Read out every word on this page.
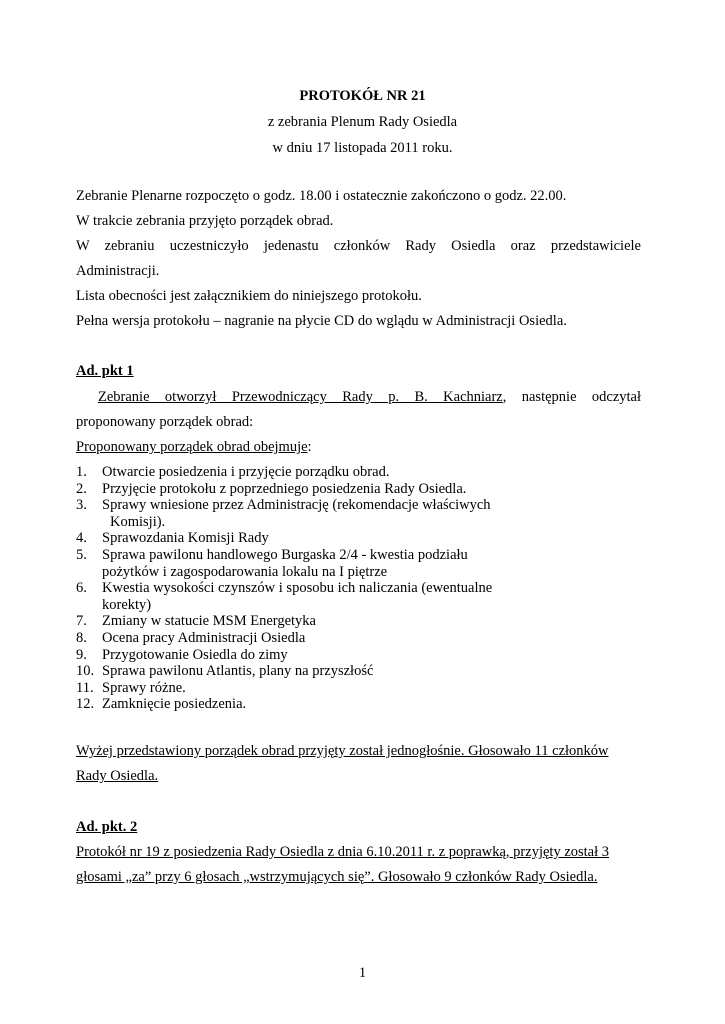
PROTOKÓŁ NR 21
z zebrania Plenum Rady Osiedla
w dniu 17 listopada 2011 roku.
Zebranie Plenarne rozpoczęto o godz. 18.00 i ostatecznie zakończono o godz. 22.00.
W trakcie zebrania przyjęto porządek obrad.
W zebraniu uczestniczyło jedenastu członków Rady Osiedla oraz przedstawiciele
Administracji.
Lista obecności jest załącznikiem do niniejszego protokołu.
Pełna wersja protokołu – nagranie na płycie CD do wglądu w Administracji Osiedla.
Ad. pkt 1
Zebranie otworzył Przewodniczący Rady p. B. Kachniarz, następnie odczytał
proponowany porządek obrad:
Proponowany porządek obrad obejmuje:
1. Otwarcie posiedzenia i przyjęcie porządku obrad.
2. Przyjęcie protokołu z poprzedniego posiedzenia Rady Osiedla.
3. Sprawy wniesione przez Administrację (rekomendacje właściwych
Komisji).
4. Sprawozdania Komisji Rady
5. Sprawa pawilonu handlowego Burgaska 2/4 - kwestia podziału
pożytków i zagospodarowania lokalu na I piętrze
6. Kwestia wysokości czynszów i sposobu ich naliczania (ewentualne
korekty)
7. Zmiany w statucie MSM Energetyka
8. Ocena pracy Administracji Osiedla
9. Przygotowanie Osiedla do zimy
10. Sprawa pawilonu Atlantis, plany na przyszłość
11. Sprawy różne.
12. Zamknięcie posiedzenia.
Wyżej przedstawiony porządek obrad przyjęty został jednogłośnie. Głosowało 11 członków
Rady Osiedla.
Ad. pkt. 2
Protokół nr 19 z posiedzenia Rady Osiedla z dnia 6.10.2011 r. z poprawką, przyjęty został 3
głosami „za” przy 6 głosach „wstrzymujących się”. Głosowało 9 członków Rady Osiedla.
1
